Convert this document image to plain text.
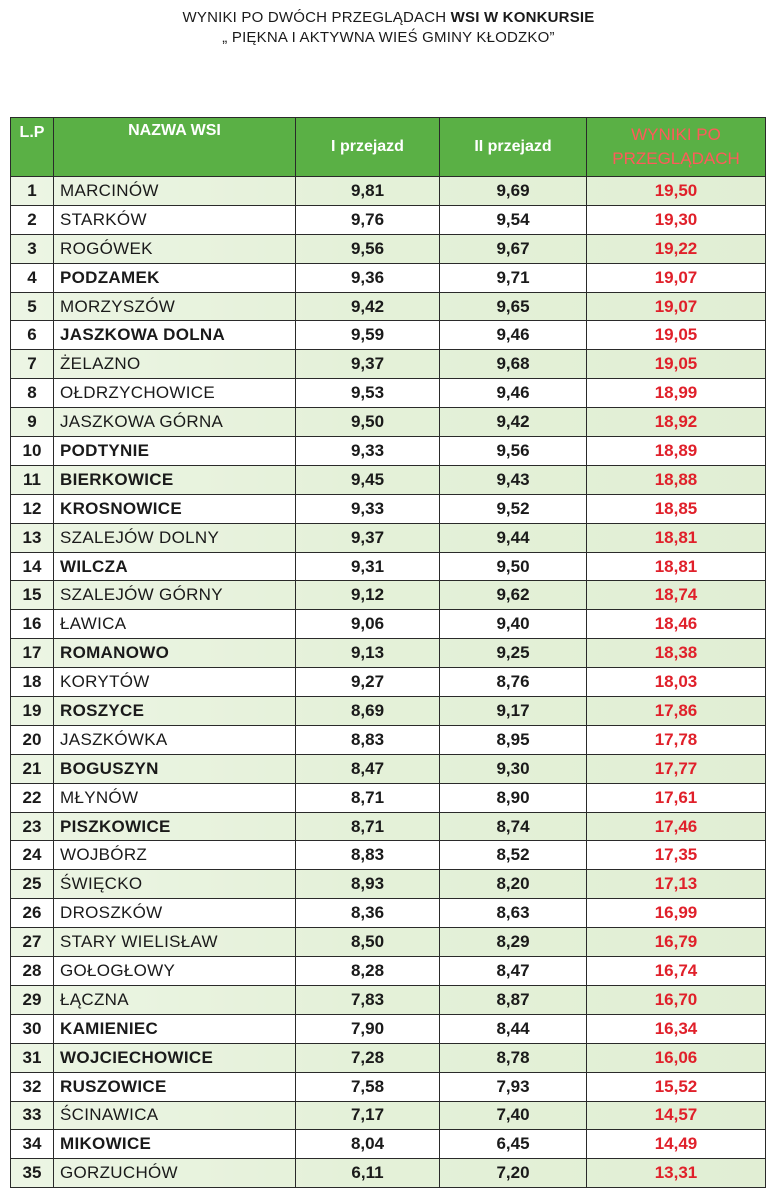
WYNIKI PO DWÓCH PRZEGLĄDACH WSI W KONKURSIE
„ PIĘKNA I AKTYWNA WIEŚ GMINY KŁODZKO”
L.P	NAZWA WSI	I przejazd	II przejazd	WYNIKI PO
PRZEGLĄDACH

1	MARCINÓW	9,81	9,69	19,50
2	STARKÓW	9,76	9,54	19,30
3	ROGÓWEK	9,56	9,67	19,22
4	PODZAMEK	9,36	9,71	19,07
5	MORZYSZÓW	9,42	9,65	19,07
6	JASZKOWA DOLNA	9,59	9,46	19,05
7	ŻELAZNO	9,37	9,68	19,05
8	OŁDRZYCHOWICE	9,53	9,46	18,99
9	JASZKOWA GÓRNA	9,50	9,42	18,92
10	PODTYNIE	9,33	9,56	18,89
11	BIERKOWICE	9,45	9,43	18,88
12	KROSNOWICE	9,33	9,52	18,85
13	SZALEJÓW DOLNY	9,37	9,44	18,81
14	WILCZA	9,31	9,50	18,81
15	SZALEJÓW GÓRNY	9,12	9,62	18,74
16	ŁAWICA	9,06	9,40	18,46
17	ROMANOWO	9,13	9,25	18,38
18	KORYTÓW	9,27	8,76	18,03
19	ROSZYCE	8,69	9,17	17,86
20	JASZKÓWKA	8,83	8,95	17,78
21	BOGUSZYN	8,47	9,30	17,77
22	MŁYNÓW	8,71	8,90	17,61
23	PISZKOWICE	8,71	8,74	17,46
24	WOJBÓRZ	8,83	8,52	17,35
25	ŚWIĘCKO	8,93	8,20	17,13
26	DROSZKÓW	8,36	8,63	16,99
27	STARY WIELISŁAW	8,50	8,29	16,79
28	GOŁOGŁOWY	8,28	8,47	16,74
29	ŁĄCZNA	7,83	8,87	16,70
30	KAMIENIEC	7,90	8,44	16,34
31	WOJCIECHOWICE	7,28	8,78	16,06
32	RUSZOWICE	7,58	7,93	15,52
33	ŚCINAWICA	7,17	7,40	14,57
34	MIKOWICE	8,04	6,45	14,49
35	GORZUCHÓW	6,11	7,20	13,31
